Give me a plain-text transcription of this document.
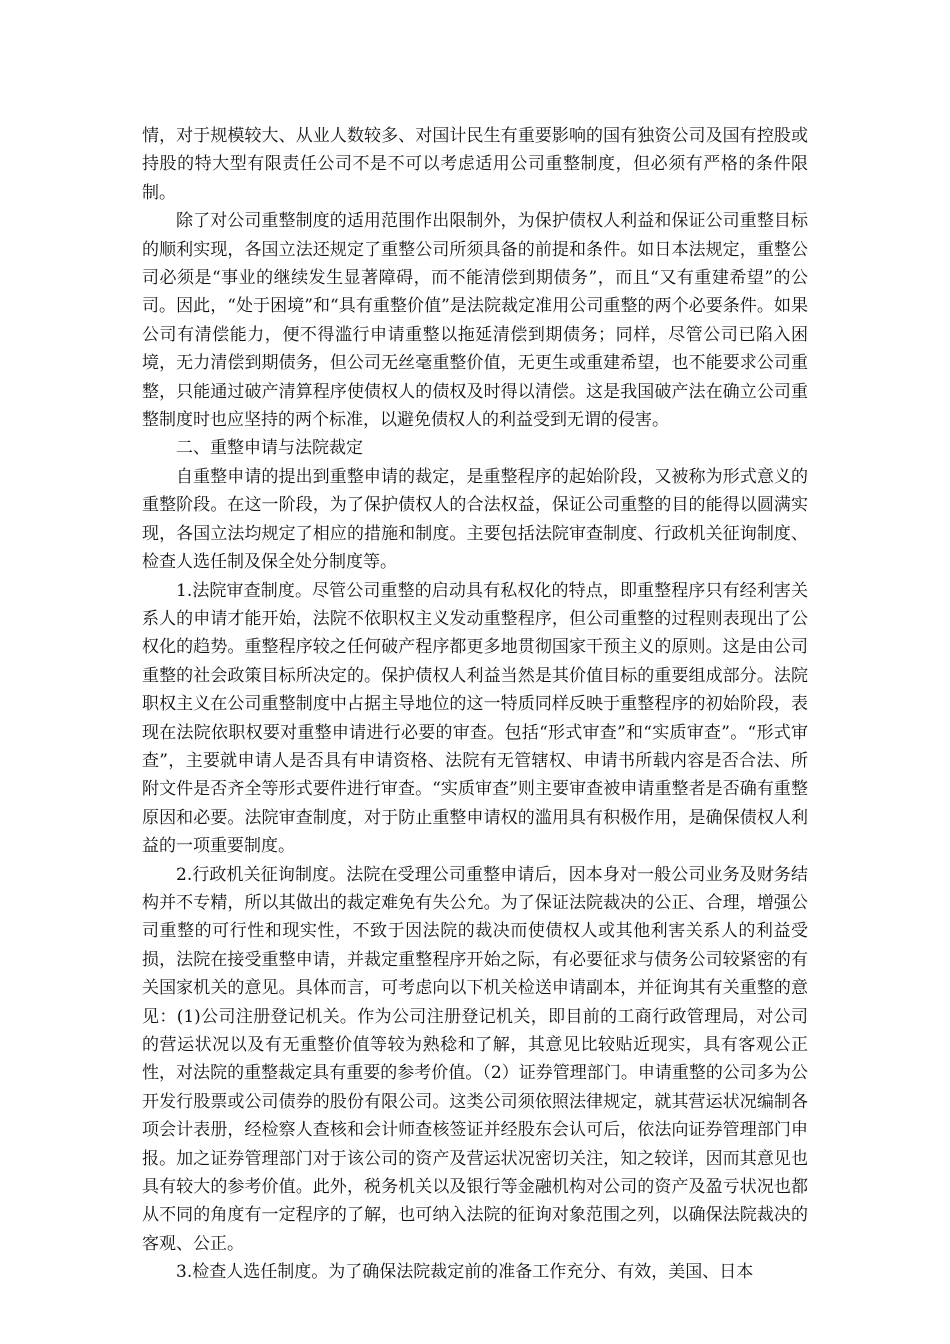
情，对于规模较大、从业人数较多、对国计民生有重要影响的国有独资公司及国有控股或持股的特大型有限责任公司不是不可以考虑适用公司重整制度，但必须有严格的条件限制。

除了对公司重整制度的适用范围作出限制外，为保护债权人利益和保证公司重整目标的顺利实现，各国立法还规定了重整公司所须具备的前提和条件。如日本法规定，重整公司必须是“事业的继续发生显著障碍，而不能清偿到期债务”，而且“又有重建希望”的公司。因此，“处于困境”和“具有重整价值”是法院裁定准用公司重整的两个必要条件。如果公司有清偿能力，便不得滥行申请重整以拖延清偿到期债务；同样，尽管公司已陷入困境，无力清偿到期债务，但公司无丝毫重整价值，无更生或重建希望，也不能要求公司重整，只能通过破产清算程序使债权人的债权及时得以清偿。这是我国破产法在确立公司重整制度时也应坚持的两个标准，以避免债权人的利益受到无谓的侵害。

二、重整申请与法院裁定

自重整申请的提出到重整申请的裁定，是重整程序的起始阶段，又被称为形式意义的重整阶段。在这一阶段，为了保护债权人的合法权益，保证公司重整的目的能得以圆满实现，各国立法均规定了相应的措施和制度。主要包括法院审查制度、行政机关征询制度、检查人选任制及保全处分制度等。

1.法院审查制度。尽管公司重整的启动具有私权化的特点，即重整程序只有经利害关系人的申请才能开始，法院不依职权主义发动重整程序，但公司重整的过程则表现出了公权化的趋势。重整程序较之任何破产程序都更多地贯彻国家干预主义的原则。这是由公司重整的社会政策目标所决定的。保护债权人利益当然是其价值目标的重要组成部分。法院职权主义在公司重整制度中占据主导地位的这一特质同样反映于重整程序的初始阶段，表现在法院依职权要对重整申请进行必要的审查。包括“形式审查”和“实质审查”。“形式审查”，主要就申请人是否具有申请资格、法院有无管辖权、申请书所载内容是否合法、所附文件是否齐全等形式要件进行审查。“实质审查”则主要审查被申请重整者是否确有重整原因和必要。法院审查制度，对于防止重整申请权的滥用具有积极作用，是确保债权人利益的一项重要制度。

2.行政机关征询制度。法院在受理公司重整申请后，因本身对一般公司业务及财务结构并不专精，所以其做出的裁定难免有失公允。为了保证法院裁决的公正、合理，增强公司重整的可行性和现实性，不致于因法院的裁决而使债权人或其他利害关系人的利益受损，法院在接受重整申请，并裁定重整程序开始之际，有必要征求与债务公司较紧密的有关国家机关的意见。具体而言，可考虑向以下机关检送申请副本，并征询其有关重整的意见：(1)公司注册登记机关。作为公司注册登记机关，即目前的工商行政管理局，对公司的营运状况以及有无重整价值等较为熟稔和了解，其意见比较贴近现实，具有客观公正性，对法院的重整裁定具有重要的参考价值。（2）证券管理部门。申请重整的公司多为公开发行股票或公司债券的股份有限公司。这类公司须依照法律规定，就其营运状况编制各项会计表册，经检察人查核和会计师查核签证并经股东会认可后，依法向证券管理部门申报。加之证券管理部门对于该公司的资产及营运状况密切关注，知之较详，因而其意见也具有较大的参考价值。此外，税务机关以及银行等金融机构对公司的资产及盈亏状况也都从不同的角度有一定程序的了解，也可纳入法院的征询对象范围之列，以确保法院裁决的客观、公正。

3.检查人选任制度。为了确保法院裁定前的准备工作充分、有效，美国、日本
